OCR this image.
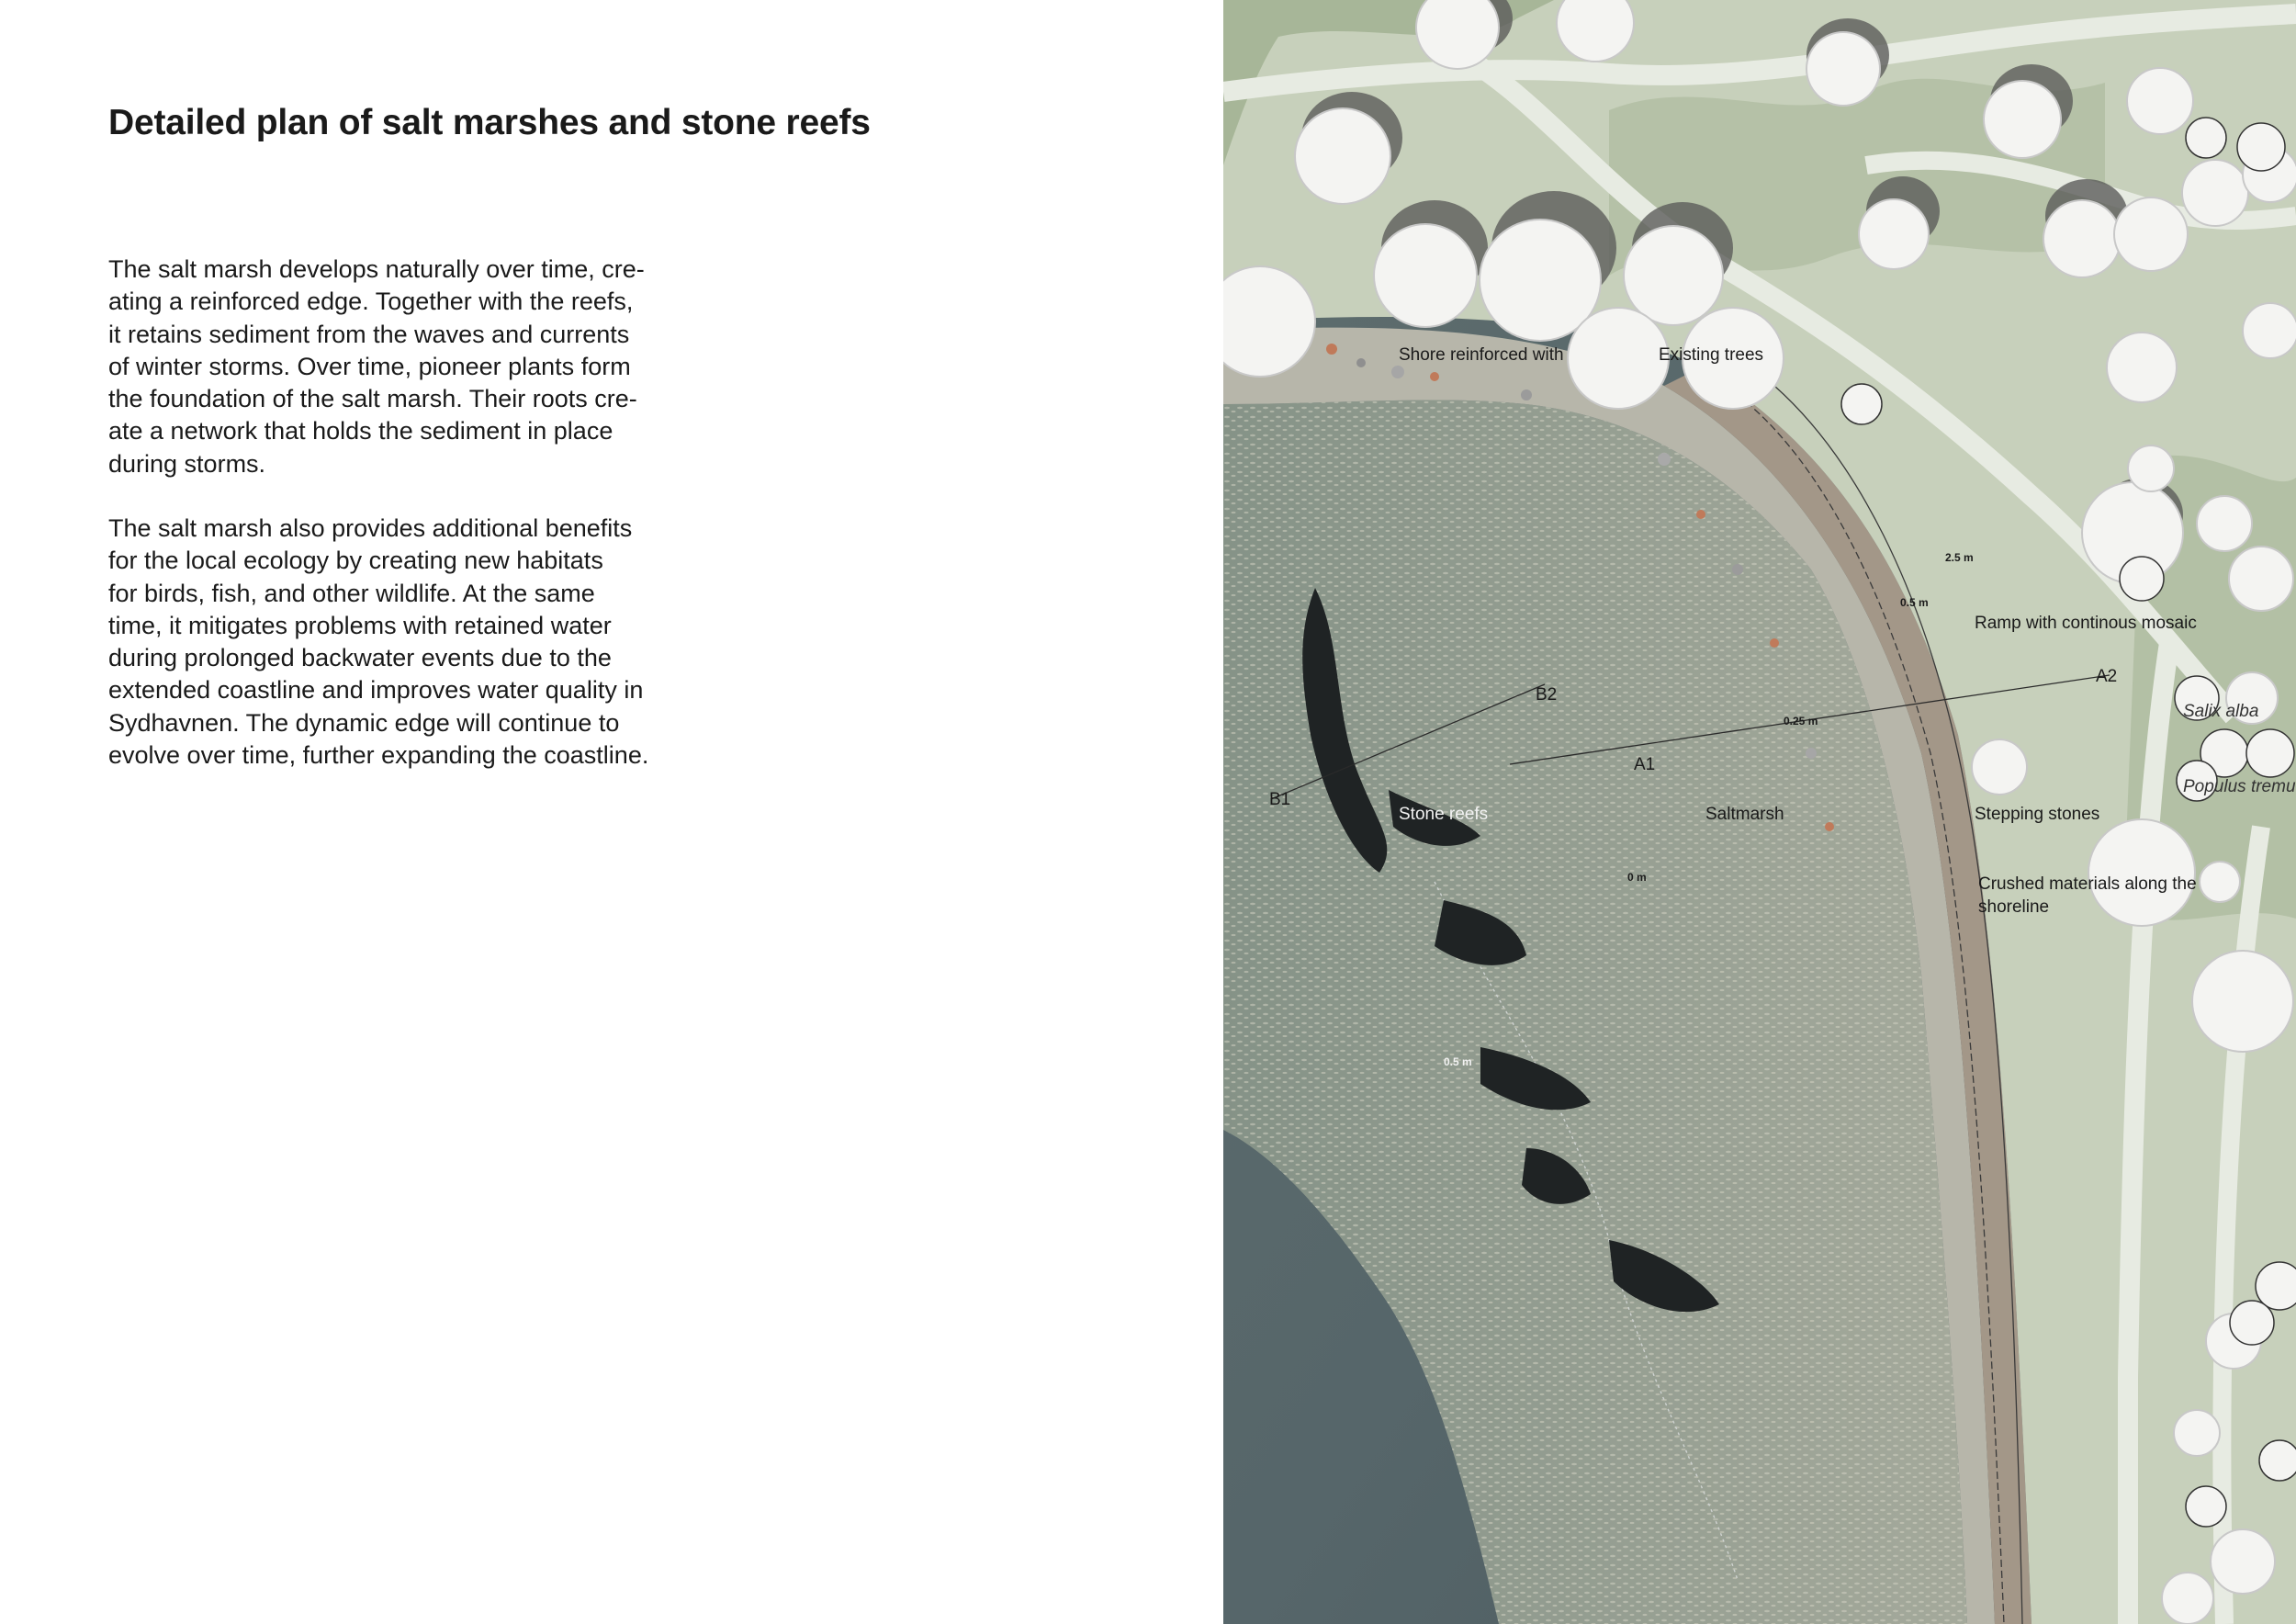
Detailed plan of salt marshes and stone reefs

The salt marsh develops naturally over time, cre-
ating a reinforced edge. Together with the reefs,
it retains sediment from the waves and currents
of winter storms. Over time, pioneer plants form
the foundation of the salt marsh. Their roots cre-
ate a network that holds the sediment in place
during storms.

The salt marsh also provides additional benefits
for the local ecology by creating new habitats
for birds, fish, and other wildlife. At the same
time, it mitigates problems with retained water
during prolonged backwater events due to the
extended coastline and improves water quality in
Sydhavnen. The dynamic edge will continue to
evolve over time, further expanding the coastline.

Shore reinforced with	Existing trees
Ramp with continous mosaic
Salix alba
Populus tremu
Stepping stones
Crushed materials along the
shoreline
Stone reefs	Saltmarsh
A2
A1
B1
B2
2.5 m
0.5 m
0.25 m
0 m
0.5 m
